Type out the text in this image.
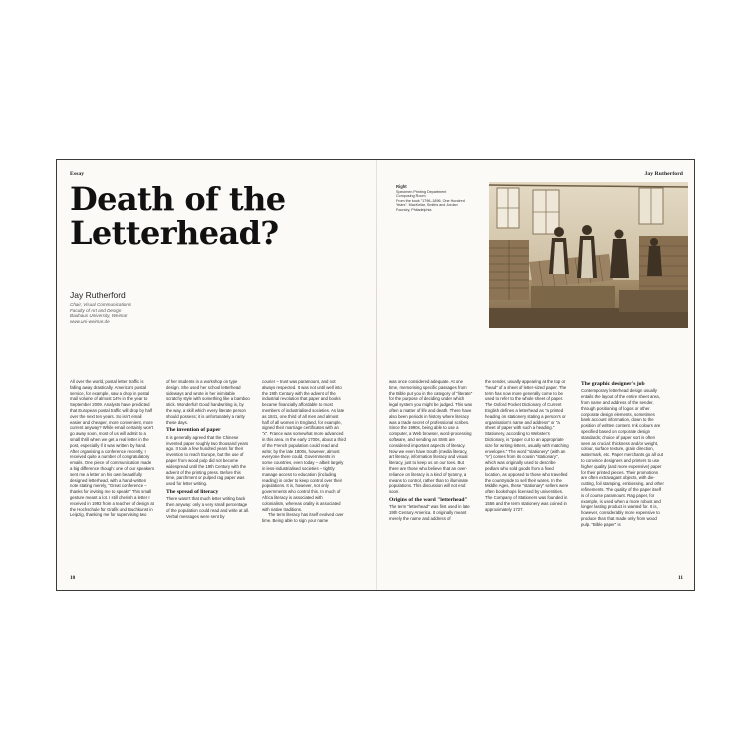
Essay
Death of the Letterhead?
Jay Rutherford
Chair, Visual Communications
Faculty of Art and Design
Bauhaus University, Weimar
www.uni-weimar.de

All over the world, postal letter traffic is falling away drastically. America's postal service, for example, saw a drop in postal mail volume of almost 14% in the year to September 2009. Analysts have predicted that European postal traffic will drop by half over the next ten years. So isn't email easier and cheaper, more convenient, more current anyway? While email certainly won't go away soon, most of us will admit to a small thrill when we get a real letter in the post, especially if it was written by hand. After organising a conference recently, I received quite a number of congratulatory emails. One piece of communication made a big difference though: one of our speakers sent me a letter on his own beautifully designed letterhead, with a hand-written note stating merely, "Great conference – thanks for inviting me to speak!" This small gesture meant a lot. I still cherish a letter I received in 1992 from a teacher of design at the Hochschule für Grafik und Buchkunst in Leipzig, thanking me for supervising two

of her students in a workshop on type design. She used her school letterhead sideways and wrote in her inimitable scratchy style with something like a bamboo stick. Wonderful! Good handwriting is, by the way, a skill which every literate person should possess; it is unfortunately a rarity these days.

The invention of paper

It is generally agreed that the Chinese invented paper roughly two thousand years ago. It took a few hundred years for their invention to reach Europe, but the use of paper from wood pulp did not become widespread until the 19th Century with the advent of the printing press. Before this time, parchment or pulped rag paper was used for letter writing.

The spread of literacy

There wasn't that much letter writing back then anyway: only a very small percentage of the population could read and write at all. Verbal messages were sent by

courier – trust was paramount, and not always respected. It was not until well into the 19th Century with the advent of the industrial revolution that paper and books became financially affordable to most members of industrialised societies. As late as 1841, one third of all men and almost half of all women in England, for example, signed their marriage certificates with an "x". France was somewhat more advanced in this area. In the early 1700s, about a third of the French population could read and write; by the late 1800s, however, almost everyone there could. Governments in some countries, even today – albeit largely in less-industrialised societies – tightly manage access to education (including reading) in order to keep control over their populations. It is, however, not only governments who control this. In much of Africa literacy is associated with colonialism, whereas orality is associated with native traditions.

The term literacy has itself evolved over time. Being able to sign your name

10
Jay Rutherford
Right
Specimen Printing Department
Composing Room
From the book "1796–1896. One Hundred
Years". MacKellar, Smiths and Jordan
Foundry, Philadelphia

was once considered adequate. At one time, memorising specific passages from the Bible put you in the category of "literate" for the purpose of deciding under which legal system you might be judged. This was often a matter of life and death. There have also been periods in history where literacy was a trade secret of professional scribes. Since the 1990s, being able to use a computer, a Web browser, word-processing software, and sending an SMS are considered important aspects of literacy. Now we even have trouth (media literacy, art literacy, information literacy and visual literacy, just to keep us on our toes. But there are those who believe that an over-reliance on literacy is a kind of tyranny, a means to control, rather than to illuminate populations. This discussion will not end soon.

Origins of the word "letterhead"

The term "letterhead" was first used in late 19th Century America. It originally meant merely the name and address of

the sender, usually appearing at the top or "head" of a sheet of letter-sized paper. The term has now more generally come to be used to refer to the whole sheet of paper. The Oxford Pocket Dictionary of Current English defines a letterhead as "a printed heading on stationery stating a person's or organisation's name and address" or "a sheet of paper with such a heading." Stationery, according to Webster's Dictionary, is "paper cut to an appropriate size for writing letters, usually with matching envelopes." The word "stationery" (with an "e") comes from its cousin "stationary", which was originally used to describe pedlars who sold goods from a fixed location, as opposed to those who travelled the countryside to sell their wares. In the Middle Ages, these "stationary" sellers were often bookshops licensed by universities. The Company of Stationers was founded in 1556 and the term stationery was coined in approximately 1727.

The graphic designer's job

Contemporary letterhead design usually entails the layout of the entire sheet area, from name and address of the sender, through positioning of logos or other corporate design elements, sometimes bank account information, down to the position of written content. Ink colours are specified based on corporate design standards; choice of paper sort is often seen as crucial: thickness and/or weight, colour, surface texture, grain direction, watermark, etc. Paper merchants go all out to convince designers and printers to use higher quality (and more expensive) paper for their printed pieces. Their promotions are often extravagant objects, with die-cutting, foil stamping, embossing, and other refinements. The quality of the paper itself is of course paramount. Rag paper, for example, is used when a more robust and longer lasting product is wanted for. It is, however, considerably more expensive to produce than that made only from wood pulp. "Bible paper" is

11
